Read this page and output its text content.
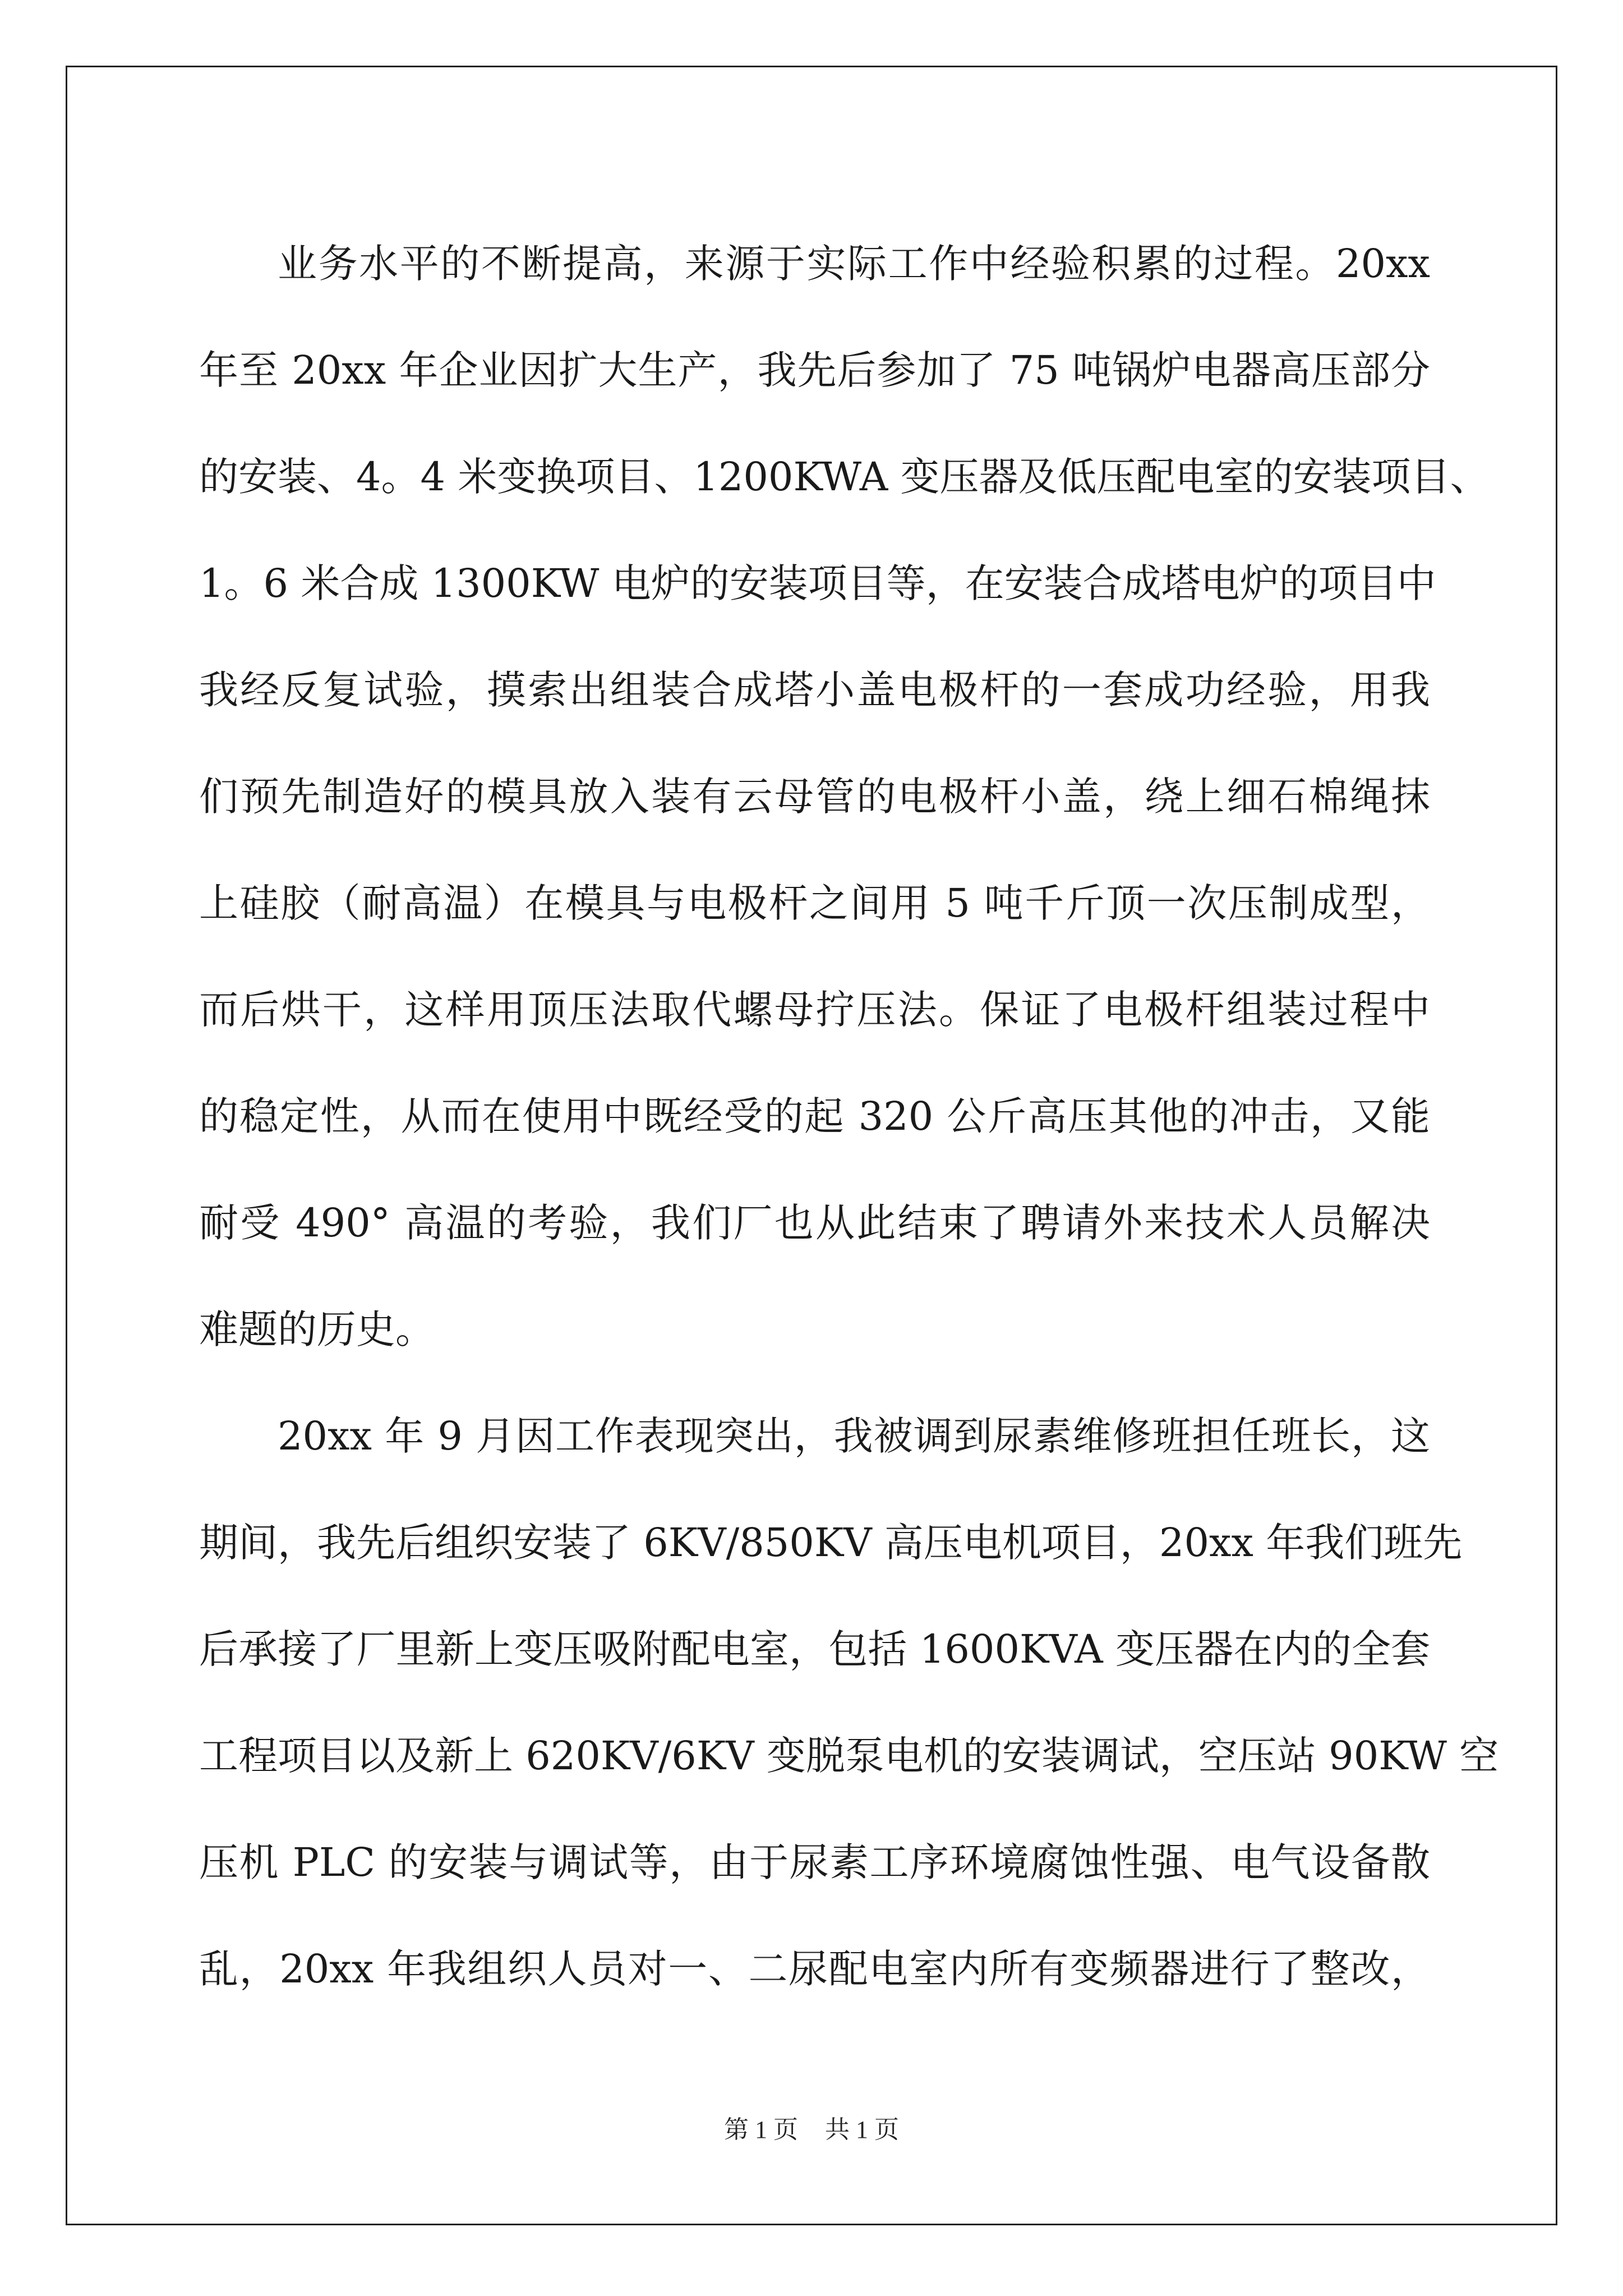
业务水平的不断提高，来源于实际工作中经验积累的过程。20xx
年至 20xx 年企业因扩大生产，我先后参加了 75 吨锅炉电器高压部分
的安装、4。4 米变换项目、1200KWA 变压器及低压配电室的安装项目、
1。6 米合成 1300KW 电炉的安装项目等，在安装合成塔电炉的项目中
我经反复试验，摸索出组装合成塔小盖电极杆的一套成功经验，用我
们预先制造好的模具放入装有云母管的电极杆小盖，绕上细石棉绳抹
上硅胶（耐高温）在模具与电极杆之间用 5 吨千斤顶一次压制成型，
而后烘干，这样用顶压法取代螺母拧压法。保证了电极杆组装过程中
的稳定性，从而在使用中既经受的起 320 公斤高压其他的冲击，又能
耐受 490° 高温的考验，我们厂也从此结束了聘请外来技术人员解决
难题的历史。
20xx 年 9 月因工作表现突出，我被调到尿素维修班担任班长，这
期间，我先后组织安装了 6KV/850KV 高压电机项目，20xx 年我们班先
后承接了厂里新上变压吸附配电室，包括 1600KVA 变压器在内的全套
工程项目以及新上 620KV/6KV 变脱泵电机的安装调试，空压站 90KW 空
压机 PLC 的安装与调试等，由于尿素工序环境腐蚀性强、电气设备散
乱，20xx 年我组织人员对一、二尿配电室内所有变频器进行了整改，
第 1 页 共 1 页
